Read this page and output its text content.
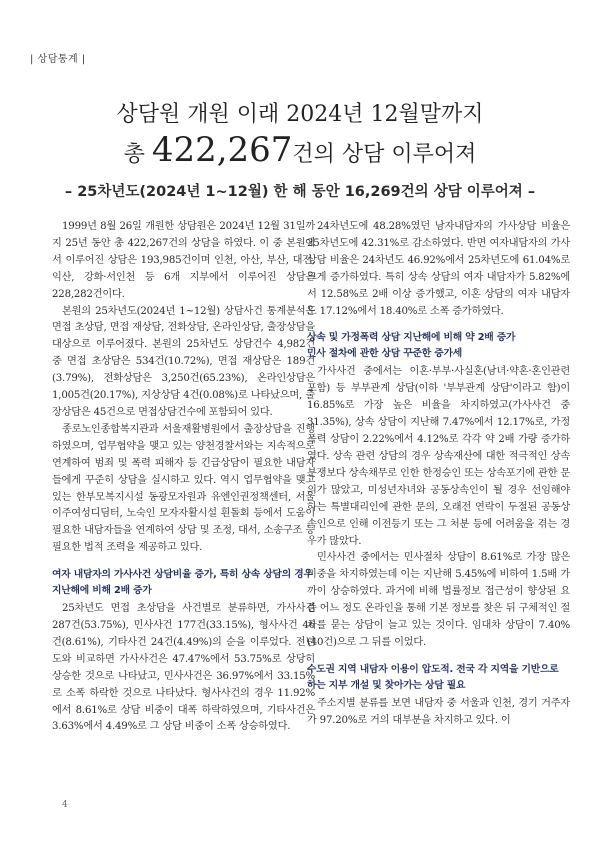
| 상담통계 |
상담원 개원 이래 2024년 12월말까지
총 422,267건의 상담 이루어져
– 25차년도(2024년 1~12월) 한 해 동안 16,269건의 상담 이루어져 –

1999년 8월 26일 개원한 상담원은 2024년 12월 31일까지 25년 동안 총 422,267건의 상담을 하였다. 이 중 본원에서 이루어진 상담은 193,985건이며 인천, 아산, 부산, 대전, 익산, 강화·서인천 등 6개 지부에서 이루어진 상담은 228,282건이다.

본원의 25차년도(2024년 1~12월) 상담사건 통계분석은 면접 초상담, 면접 재상담, 전화상담, 온라인상담, 출장상담을 대상으로 이루어졌다. 본원의 25차년도 상담건수 4,982건 중 면접 초상담은 534건(10.72%), 면접 재상담은 189건(3.79%), 전화상담은 3,250건(65.23%), 온라인상담은 1,005건(20.17%), 지상상담 4건(0.08%)로 나타났으며, 출장상담은 45건으로 면접상담건수에 포함되어 있다.

종로노인종합복지관과 서울재활병원에서 출장상담을 진행하였으며, 업무협약을 맺고 있는 양천경찰서와는 지속적으로 연계하여 범죄 및 폭력 피해자 등 긴급상담이 필요한 내담자들에게 꾸준히 상담을 실시하고 있다. 역시 업무협약을 맺고 있는 한부모복지시설 동광모자원과 유엔인권정책센터, 서울이주여성디딤터, 노숙인 모자자활시설 흰돌회 등에서 도움이 필요한 내담자들을 연계하여 상담 및 조정, 대서, 소송구조 등 필요한 법적 조력을 제공하고 있다.

여자 내담자의 가사사건 상담비율 증가, 특히 상속 상담의 경우 지난해에 비해 2배 증가

25차년도 면접 초상담을 사건별로 분류하면, 가사사건 287건(53.75%), 민사사건 177건(33.15%), 형사사건 46건(8.61%), 기타사건 24건(4.49%)의 순을 이루었다. 전년도와 비교하면 가사사건은 47.47%에서 53.75%로 상당히 상승한 것으로 나타났고, 민사사건은 36.97%에서 33.15%로 소폭 하락한 것으로 나타났다. 형사사건의 경우 11.92%에서 8.61%로 상담 비중이 대폭 하락하였으며, 기타사건은 3.63%에서 4.49%로 그 상담 비중이 소폭 상승하였다.

24차년도에 48.28%였던 남자내담자의 가사상담 비율은 25차년도에 42.31%로 감소하였다. 반면 여자내담자의 가사상담 비율은 24차년도 46.92%에서 25차년도에 61.04%로 크게 증가하였다. 특히 상속 상담의 여자 내담자가 5.82%에서 12.58%로 2배 이상 증가했고, 이혼 상담의 여자 내담자도 17.12%에서 18.40%로 소폭 증가하였다.

상속 및 가정폭력 상담 지난해에 비해 약 2배 증가
민사 절차에 관한 상담 꾸준한 증가세

가사사건 중에서는 이혼·부부·사실혼(남녀·약혼·혼인관련 포함) 등 부부관계 상담(이하 '부부관계 상담'이라고 함)이 16.85%로 가장 높은 비율을 차지하였고(가사사건 중 31.35%), 상속 상담이 지난해 7.47%에서 12.17%로, 가정폭력 상담이 2.22%에서 4.12%로 각각 약 2배 가량 증가하였다. 상속 관련 상담의 경우 상속재산에 대한 적극적인 상속분쟁보다 상속채무로 인한 한정승인 또는 상속포기에 관한 문의가 많았고, 미성년자녀와 공동상속인이 될 경우 선임해야 하는 특별대리인에 관한 문의, 오래전 연락이 두절된 공동상속인으로 인해 이전등기 또는 그 처분 등에 어려움을 겪는 경우가 많았다.

민사사건 중에서는 민사절차 상담이 8.61%로 가장 많은 비중을 차지하였는데 이는 지난해 5.45%에 비하여 1.5배 가까이 상승하였다. 과거에 비해 법률정보 접근성이 향상된 요즘 어느 정도 온라인을 통해 기본 정보를 찾은 뒤 구체적인 절차를 묻는 상담이 늘고 있는 것이다. 임대차 상담이 7.40%(40건)으로 그 뒤를 이었다.

수도권 지역 내담자 이용이 압도적. 전국 각 지역을 기반으로 하는 지부 개설 및 찾아가는 상담 필요

주소지별 분류를 보면 내담자 중 서울과 인천, 경기 거주자가 97.20%로 거의 대부분을 차지하고 있다. 이

4
